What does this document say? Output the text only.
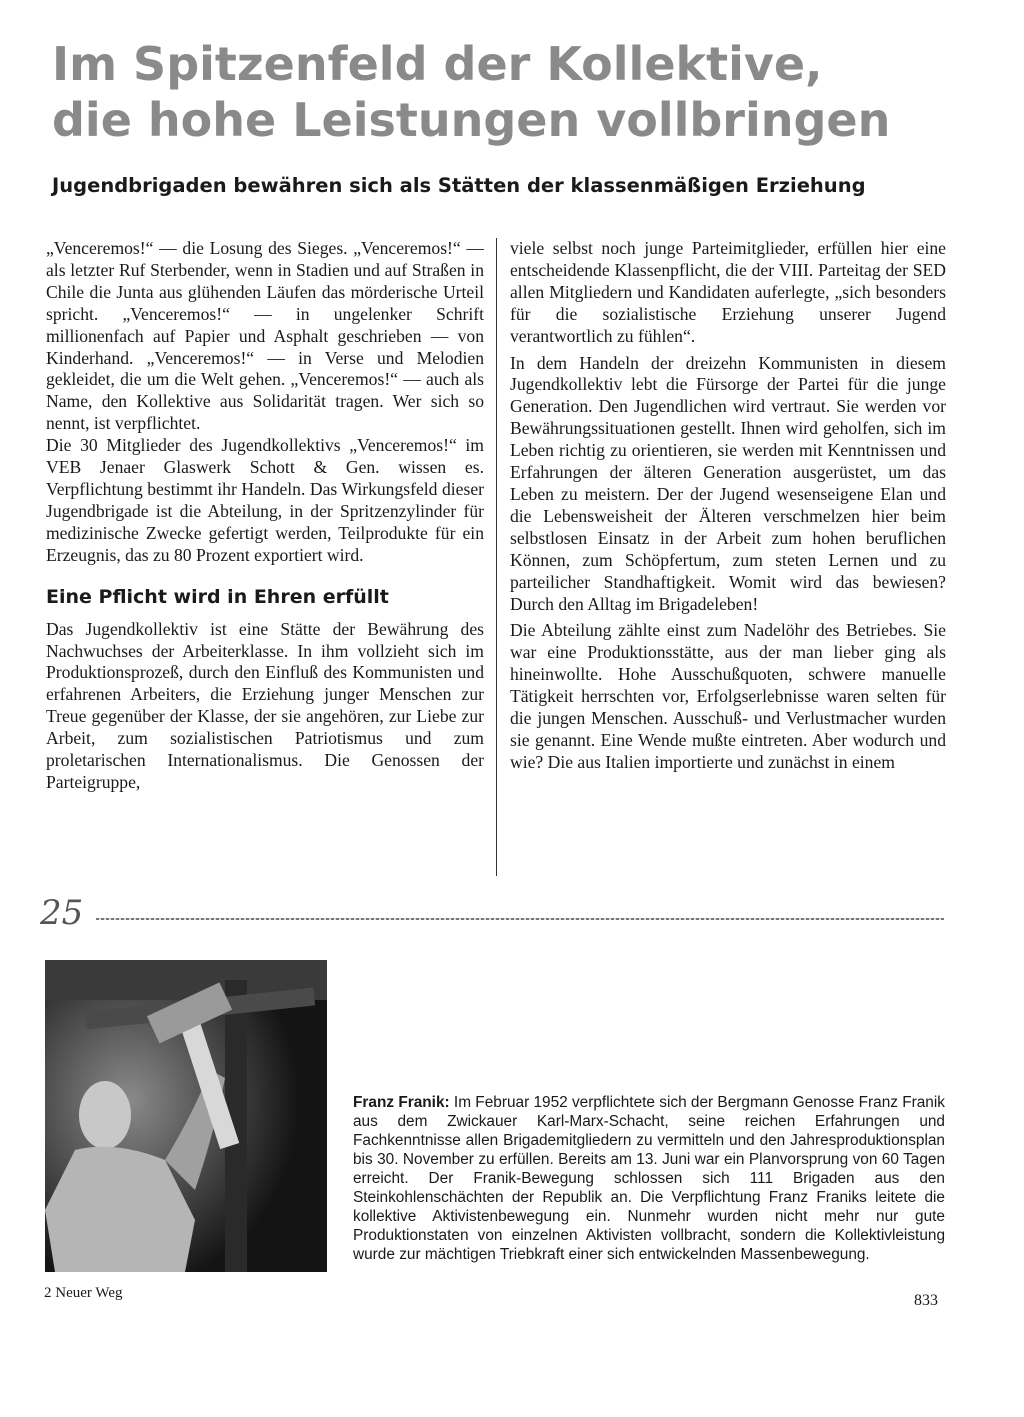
Im Spitzenfeld der Kollektive,
die hohe Leistungen vollbringen
Jugendbrigaden bewähren sich als Stätten der klassenmäßigen Erziehung

„Venceremos!“ — die Losung des Sieges. „Venceremos!“ — als letzter Ruf Sterbender, wenn in Stadien und auf Straßen in Chile die Junta aus glühenden Läufen das mörderische Urteil spricht. „Venceremos!“ — in ungelenker Schrift millionenfach auf Papier und Asphalt geschrieben — von Kinderhand. „Venceremos!“ — in Verse und Melodien gekleidet, die um die Welt gehen. „Venceremos!“ — auch als Name, den Kollektive aus Solidarität tragen. Wer sich so nennt, ist verpflichtet.

Die 30 Mitglieder des Jugendkollektivs „Venceremos!“ im VEB Jenaer Glaswerk Schott & Gen. wissen es. Verpflichtung bestimmt ihr Handeln. Das Wirkungsfeld dieser Jugendbrigade ist die Abteilung, in der Spritzenzylinder für medizinische Zwecke gefertigt werden, Teilprodukte für ein Erzeugnis, das zu 80 Prozent exportiert wird.

Eine Pflicht wird in Ehren erfüllt

Das Jugendkollektiv ist eine Stätte der Bewährung des Nachwuchses der Arbeiterklasse. In ihm vollzieht sich im Produktionsprozeß, durch den Einfluß des Kommunisten und erfahrenen Arbeiters, die Erziehung junger Menschen zur Treue gegenüber der Klasse, der sie angehören, zur Liebe zur Arbeit, zum sozialistischen Patriotismus und zum proletarischen Internationalismus. Die Genossen der Parteigruppe,

viele selbst noch junge Parteimitglieder, erfüllen hier eine entscheidende Klassenpflicht, die der VIII. Parteitag der SED allen Mitgliedern und Kandidaten auferlegte, „sich besonders für die sozialistische Erziehung unserer Jugend verantwortlich zu fühlen“.

In dem Handeln der dreizehn Kommunisten in diesem Jugendkollektiv lebt die Fürsorge der Partei für die junge Generation. Den Jugendlichen wird vertraut. Sie werden vor Bewährungssituationen gestellt. Ihnen wird geholfen, sich im Leben richtig zu orientieren, sie werden mit Kenntnissen und Erfahrungen der älteren Generation ausgerüstet, um das Leben zu meistern. Der der Jugend wesenseigene Elan und die Lebensweisheit der Älteren verschmelzen hier beim selbstlosen Einsatz in der Arbeit zum hohen beruflichen Können, zum Schöpfertum, zum steten Lernen und zu parteilicher Standhaftigkeit. Womit wird das bewiesen? Durch den Alltag im Brigadeleben!

Die Abteilung zählte einst zum Nadelöhr des Betriebes. Sie war eine Produktionsstätte, aus der man lieber ging als hineinwollte. Hohe Ausschußquoten, schwere manuelle Tätigkeit herrschten vor, Erfolgserlebnisse waren selten für die jungen Menschen. Ausschuß- und Verlustmacher wurden sie genannt. Eine Wende mußte eintreten. Aber wodurch und wie? Die aus Italien importierte und zunächst in einem

25
Franz Franik: Im Februar 1952 verpflichtete sich der Bergmann Genosse Franz Franik aus dem Zwickauer Karl-Marx-Schacht, seine reichen Erfahrungen und Fachkenntnisse allen Brigademitgliedern zu vermitteln und den Jahresproduktionsplan bis 30. November zu erfüllen. Bereits am 13. Juni war ein Planvorsprung von 60 Tagen erreicht. Der Franik-Bewegung schlossen sich 111 Brigaden aus den Steinkohlenschächten der Republik an. Die Verpflichtung Franz Franiks leitete die kollektive Aktivistenbewegung ein. Nunmehr wurden nicht mehr nur gute Produktionstaten von einzelnen Aktivisten vollbracht, sondern die Kollektivleistung wurde zur mächtigen Triebkraft einer sich entwickelnden Massenbewegung.
2 Neuer Weg	833
